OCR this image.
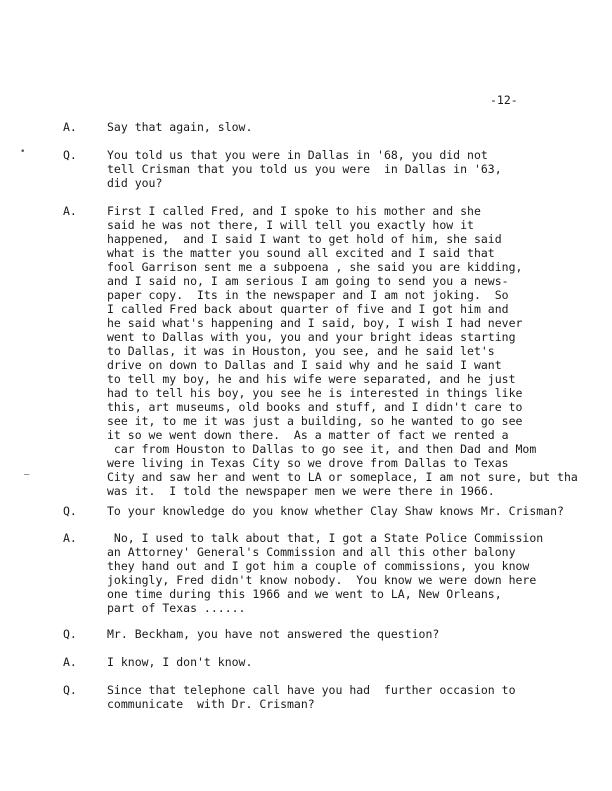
-12-
•
—
A.	Say that again, slow.
Q.	You told us that you were in Dallas in '68, you did not
tell Crisman that you told us you were  in Dallas in '63,
did you?
A.	First I called Fred, and I spoke to his mother and she
said he was not there, I will tell you exactly how it
happened,  and I said I want to get hold of him, she said
what is the matter you sound all excited and I said that
fool Garrison sent me a subpoena , she said you are kidding,
and I said no, I am serious I am going to send you a news-
paper copy.  Its in the newspaper and I am not joking.  So
I called Fred back about quarter of five and I got him and
he said what's happening and I said, boy, I wish I had never
went to Dallas with you, you and your bright ideas starting
to Dallas, it was in Houston, you see, and he said let's
drive on down to Dallas and I said why and he said I want
to tell my boy, he and his wife were separated, and he just
had to tell his boy, you see he is interested in things like
this, art museums, old books and stuff, and I didn't care to
see it, to me it was just a building, so he wanted to go see
it so we went down there.  As a matter of fact we rented a
car from Houston to Dallas to go see it, and then Dad and Mom
were living in Texas City so we drove from Dallas to Texas
City and saw her and went to LA or someplace, I am not sure, but tha
was it.  I told the newspaper men we were there in 1966.
Q.	To your knowledge do you know whether Clay Shaw knows Mr. Crisman?
A.	No, I used to talk about that, I got a State Police Commission
an Attorney' General's Commission and all this other balony
they hand out and I got him a couple of commissions, you know
jokingly, Fred didn't know nobody.  You know we were down here
one time during this 1966 and we went to LA, New Orleans,
part of Texas ......
Q.	Mr. Beckham, you have not answered the question?
A.	I know, I don't know.
Q.	Since that telephone call have you had  further occasion to
communicate  with Dr. Crisman?
